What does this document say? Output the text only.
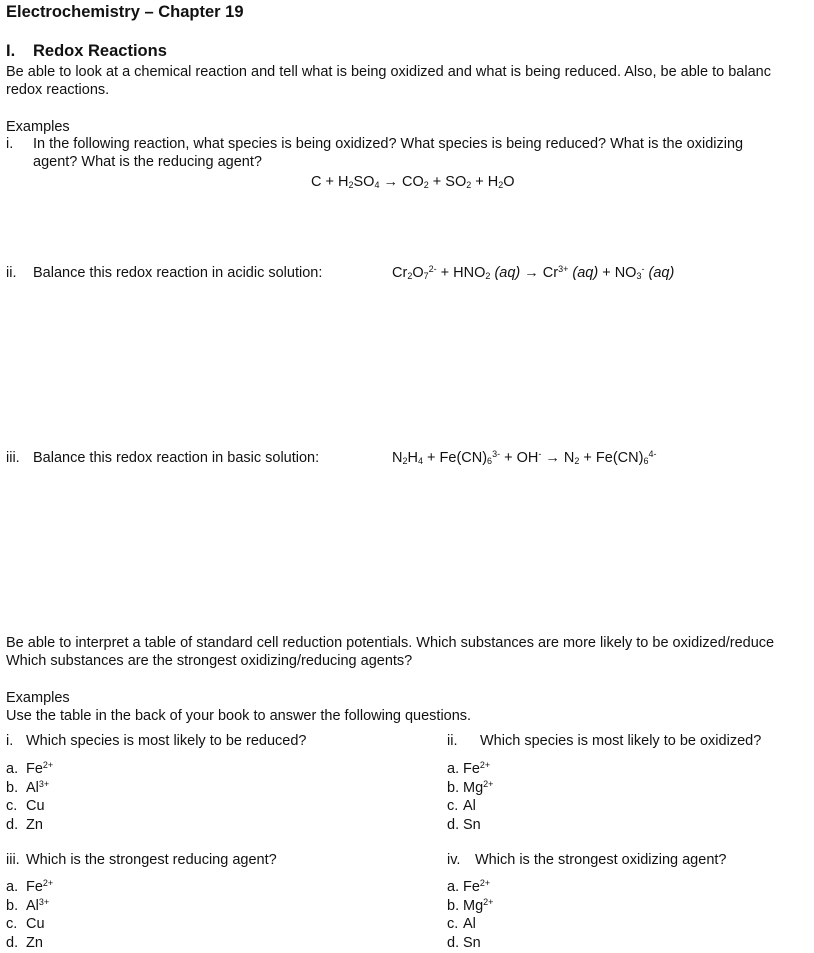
Electrochemistry – Chapter 19
I. Redox Reactions
Be able to look at a chemical reaction and tell what is being oxidized and what is being reduced. Also, be able to balanc
redox reactions.
Examples
i. In the following reaction, what species is being oxidized? What species is being reduced? What is the oxidizing
agent? What is the reducing agent?
$C + H_2SO_4 \to CO_2 + SO_2 + H_2O$
ii. Balance this redox reaction in acidic solution:	$Cr_2O_7^{2-} + HNO_2$ $(aq) \to Cr^{3+}$ $(aq) + NO_3^-$ (aq)
iii. Balance this redox reaction in basic solution:	$N_2H_4 + Fe(CN)_6^{3-} + OH^- \to N_2 + Fe(CN)_6^{4-}$
Be able to interpret a table of standard cell reduction potentials. Which substances are more likely to be oxidized/reduce
Which substances are the strongest oxidizing/reducing agents?
Examples
Use the table in the back of your book to answer the following questions.
i. Which species is most likely to be reduced?
a. $Fe^{2+}$
b. $Al^{3+}$
c. Cu
d. Zn
ii. Which species is most likely to be oxidized?
a. $Fe^{2+}$
b. $Mg^{2+}$
c. Al
d. Sn
iii. Which is the strongest reducing agent?
a. $Fe^{2+}$
b. $Al^{3+}$
c. Cu
d. Zn
iv. Which is the strongest oxidizing agent?
a. $Fe^{2+}$
b. $Mg^{2+}$
c. Al
d. Sn
